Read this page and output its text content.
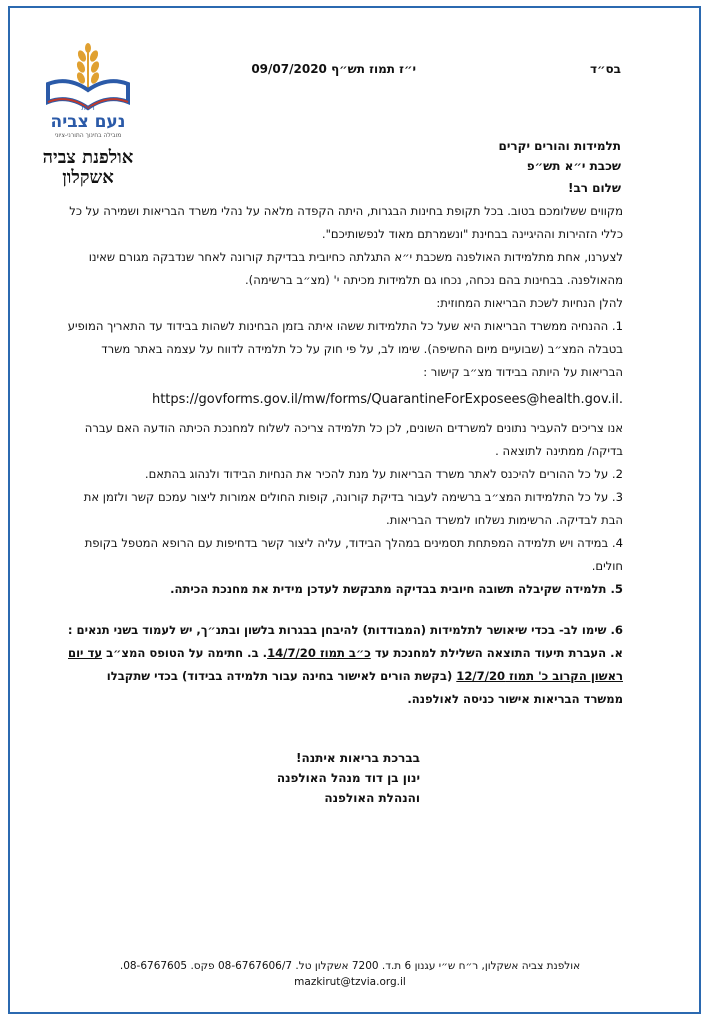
בס״ד
י״ז תמוז תש״ף 09/07/2020
רשת
נעם צביה
מובילה בחינוך התורני-ציוני
אולפנת צביה
אשקלון
תלמידות והורים יקרים
שכבת י״א תש״פ
שלום רב!

מקווים ששלומכם בטוב. בכל תקופת בחינות הבגרות, היתה הקפדה מלאה על נהלי משרד הבריאות ושמירה על כל כללי הזהירות וההיגיינה בבחינת "ונשמרתם מאוד לנפשותיכם".

לצערנו, אחת מתלמידות האולפנה משכבת י״א התגלתה כחיובית בבדיקת קורונה לאחר שנדבקה מגורם שאינו מהאולפנה. בבחינות בהם נכחה, נכחו גם תלמידות מכיתה י' (מצ״ב ברשימה).

להלן הנחיות לשכת הבריאות המחוזית:

1. ההנחיה ממשרד הבריאות היא שעל כל התלמידות ששהו איתה בזמן הבחינות לשהות בבידוד עד התאריך המופיע בטבלה המצ״ב (שבועיים מיום החשיפה). שימו לב, על פי חוק על כל תלמידה לדווח על עצמה באתר משרד הבריאות על היותה בבידוד מצ״ב קישור :

https://govforms.gov.il/mw/forms/QuarantineForExposees@health.gov.il.

אנו צריכים להעביר נתונים למשרדים השונים, לכן כל תלמידה צריכה לשלוח למחנכת הכיתה הודעה האם עברה בדיקה/ ממתינה לתוצאה .

2. על כל ההורים להיכנס לאתר משרד הבריאות על מנת להכיר את הנחיות הבידוד ולנהוג בהתאם.

3. על כל התלמידות המצ״ב ברשימה לעבור בדיקת קורונה, קופות החולים אמורות ליצור עמכם קשר ולזמן את הבת לבדיקה. הרשימות נשלחו למשרד הבריאות.

4. במידה ויש תלמידה המפתחת תסמינים במהלך הבידוד, עליה ליצור קשר בדחיפות עם הרופא המטפל בקופת חולים.

5. תלמידה שקיבלה תשובה חיובית בבדיקה מתבקשת לעדכן מידית את מחנכת הכיתה.

6. שימו לב- בכדי שיאושר לתלמידות (המבודדות) להיבחן בבגרות בלשון ובתנ״ך, יש לעמוד בשני תנאים : א. העברת תיעוד התוצאה השלילת למחנכת עד כ״ב תמוז 14/7/20. ב. חתימה על הטופס המצ״ב עד יום ראשון הקרוב כ' תמוז 12/7/20 (בקשת הורים לאישור בחינה עבור תלמידה בבידוד) בכדי שתקבלו ממשרד הבריאות אישור כניסה לאולפנה.

בברכת בריאות איתנה!
ינון בן דוד מנהל האולפנה
והנהלת האולפנה
אולפנת צביה אשקלון, ר״ח ש״י עגנון 6 ת.ד. 7200 אשקלון טל. 08-6767606/7 פקס. 08-6767605.
mazkirut@tzvia.org.il
